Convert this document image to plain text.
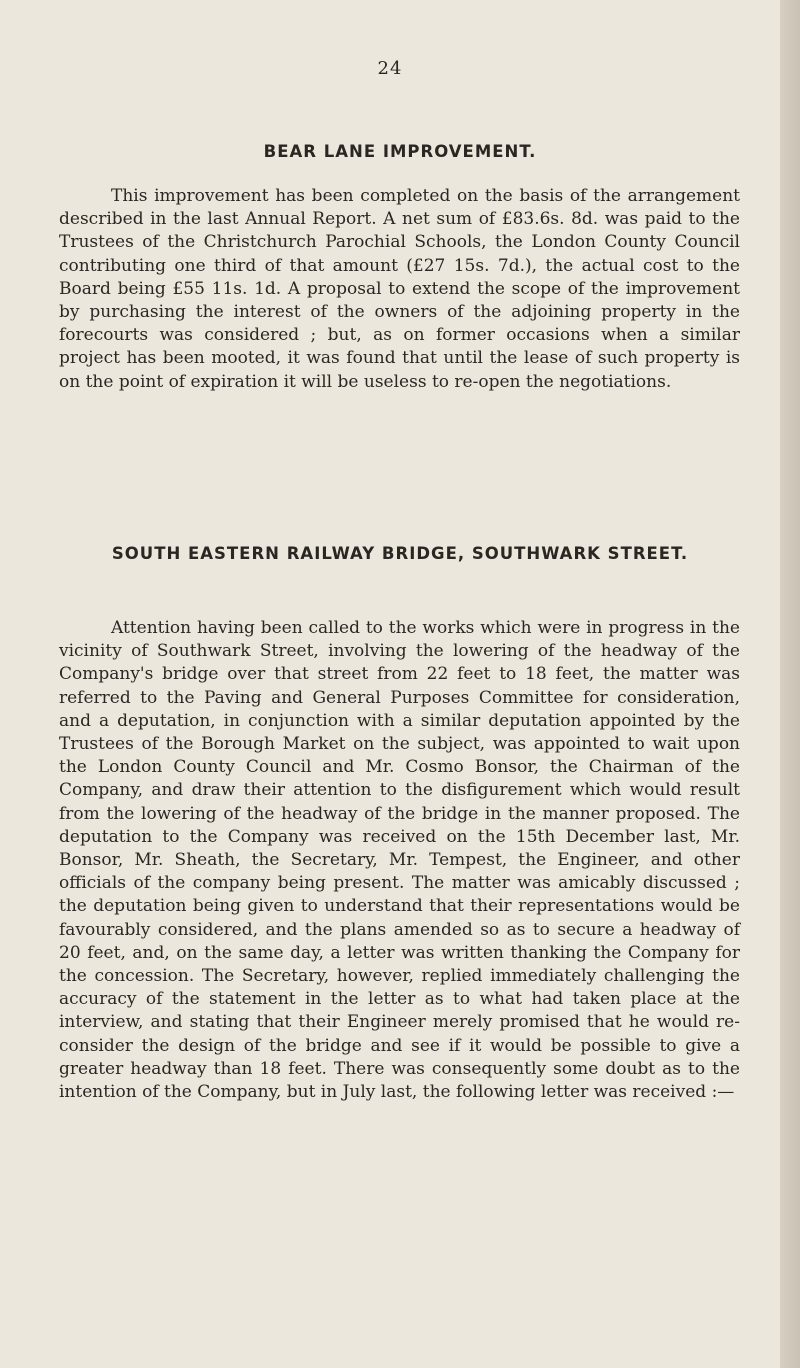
24
BEAR LANE IMPROVEMENT.

This improvement has been completed on the basis of the arrangement described in the last Annual Report. A net sum of £83.6s. 8d. was paid to the Trustees of the Christchurch Parochial Schools, the London County Council contributing one third of that amount (£27 15s. 7d.), the actual cost to the Board being £55 11s. 1d. A proposal to extend the scope of the improvement by purchasing the interest of the owners of the adjoining property in the forecourts was considered ; but, as on former occasions when a similar project has been mooted, it was found that until the lease of such property is on the point of expiration it will be useless to re-open the negotiations.

SOUTH EASTERN RAILWAY BRIDGE, SOUTHWARK STREET.

Attention having been called to the works which were in progress in the vicinity of Southwark Street, involving the lowering of the headway of the Company's bridge over that street from 22 feet to 18 feet, the matter was referred to the Paving and General Purposes Committee for consideration, and a deputation, in conjunction with a similar deputation appointed by the Trustees of the Borough Market on the subject, was appointed to wait upon the London County Council and Mr. Cosmo Bonsor, the Chairman of the Company, and draw their attention to the disfigurement which would result from the lowering of the headway of the bridge in the manner proposed. The deputation to the Company was received on the 15th December last, Mr. Bonsor, Mr. Sheath, the Secretary, Mr. Tempest, the Engineer, and other officials of the company being present. The matter was amicably discussed ; the deputation being given to understand that their representations would be favourably considered, and the plans amended so as to secure a headway of 20 feet, and, on the same day, a letter was written thanking the Company for the concession. The Secretary, however, replied immediately challenging the accuracy of the statement in the letter as to what had taken place at the interview, and stating that their Engineer merely promised that he would re-consider the design of the bridge and see if it would be possible to give a greater headway than 18 feet. There was consequently some doubt as to the intention of the Company, but in July last, the following letter was received :—
